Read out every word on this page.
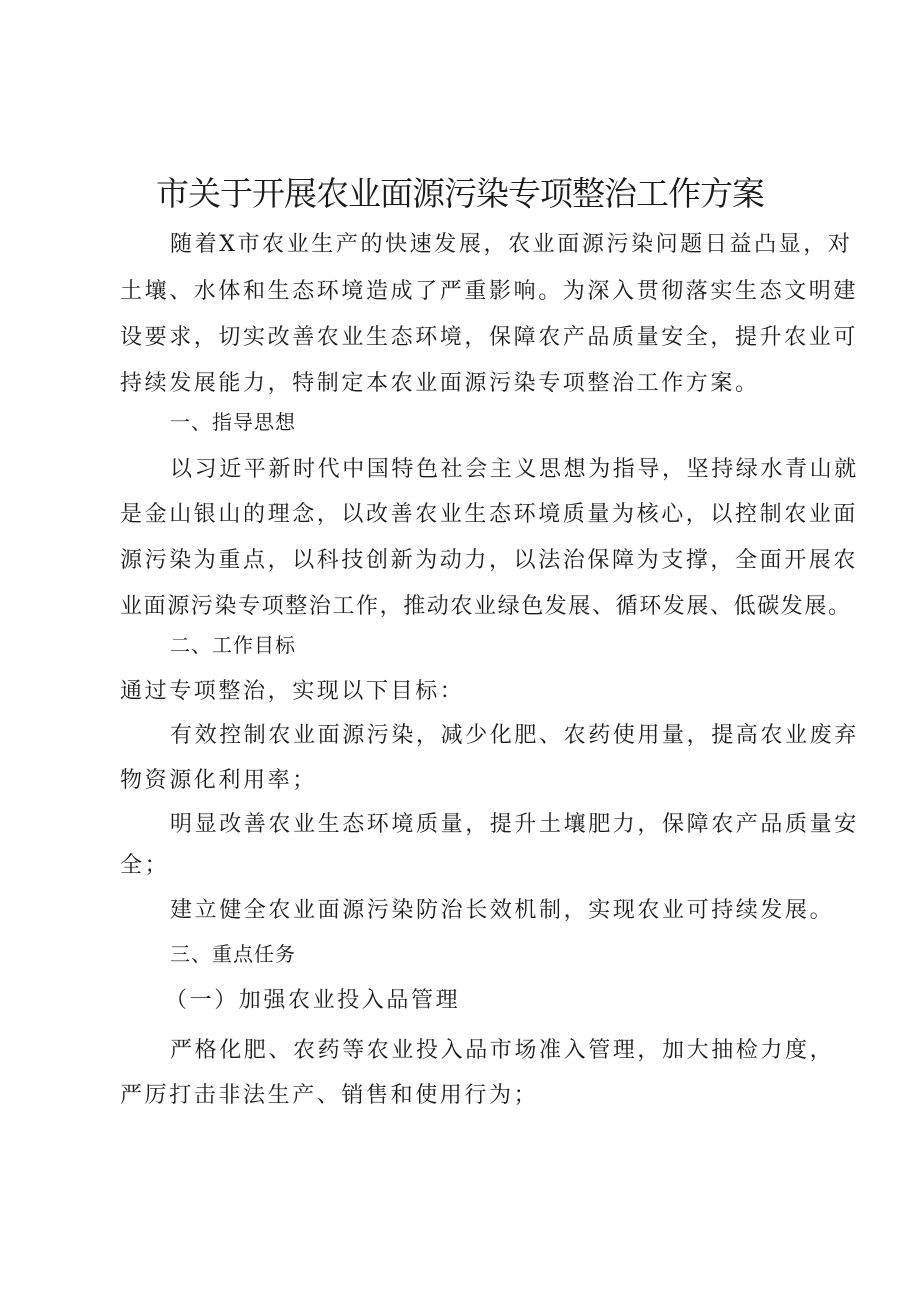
市关于开展农业面源污染专项整治工作方案
随着X市农业生产的快速发展，农业面源污染问题日益凸显，对
土壤、水体和生态环境造成了严重影响。为深入贯彻落实生态文明建
设要求，切实改善农业生态环境，保障农产品质量安全，提升农业可
持续发展能力，特制定本农业面源污染专项整治工作方案。
一、指导思想
以习近平新时代中国特色社会主义思想为指导，坚持绿水青山就
是金山银山的理念，以改善农业生态环境质量为核心，以控制农业面
源污染为重点，以科技创新为动力，以法治保障为支撑，全面开展农
业面源污染专项整治工作，推动农业绿色发展、循环发展、低碳发展。
二、工作目标
通过专项整治，实现以下目标：
有效控制农业面源污染，减少化肥、农药使用量，提高农业废弃
物资源化利用率；
明显改善农业生态环境质量，提升土壤肥力，保障农产品质量安
全；
建立健全农业面源污染防治长效机制，实现农业可持续发展。
三、重点任务
（一）加强农业投入品管理
严格化肥、农药等农业投入品市场准入管理，加大抽检力度，
严厉打击非法生产、销售和使用行为；
